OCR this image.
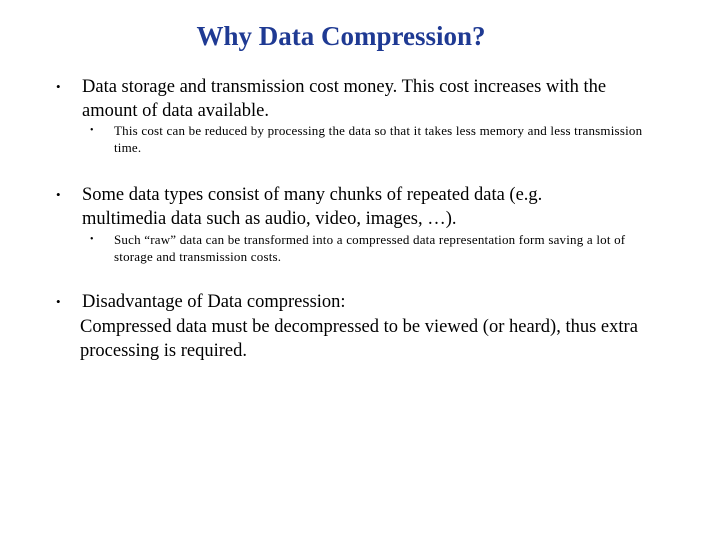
Why Data Compression?
• Data storage and transmission cost money. This cost increases with the amount of data available.
• This cost can be reduced by processing the data so that it takes less memory and less transmission time.
• Some data types consist of many chunks of repeated data (e.g. multimedia data such as audio, video, images, …).
• Such “raw” data can be transformed into a compressed data representation form saving a lot of storage and transmission costs.
• Disadvantage of Data compression:
Compressed data must be decompressed to be viewed (or heard), thus extra processing is required.
